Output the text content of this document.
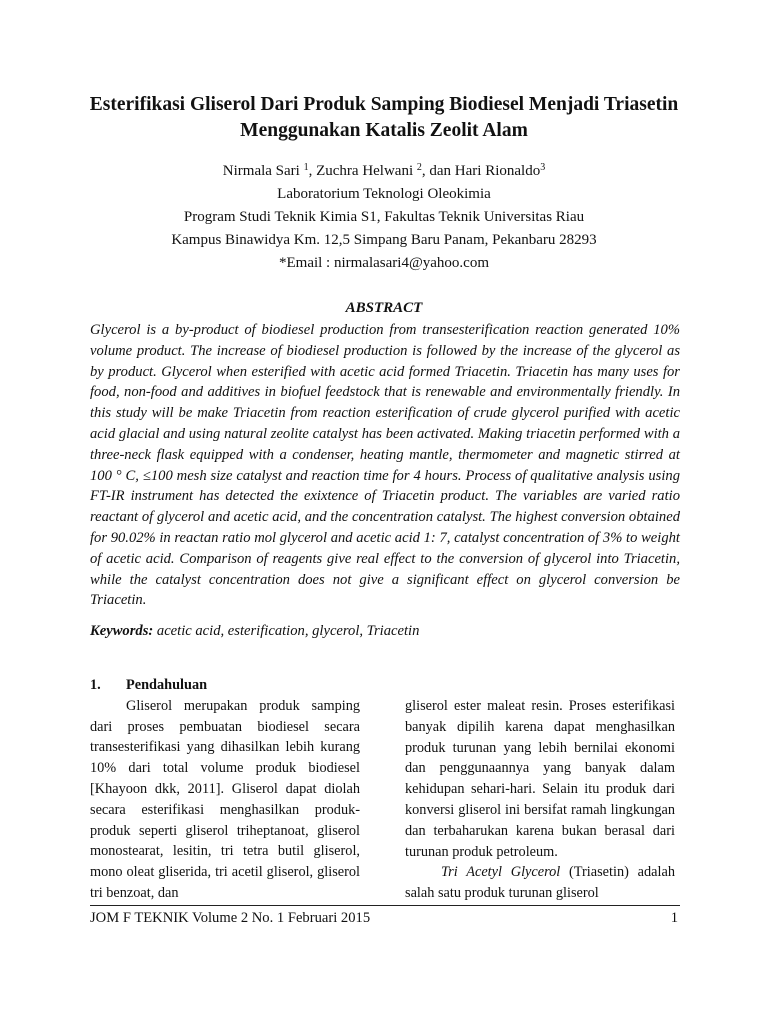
Esterifikasi Gliserol Dari Produk Samping Biodiesel Menjadi Triasetin
Menggunakan Katalis Zeolit Alam
Nirmala Sari $^1$, Zuchra Helwani $^2$, dan Hari Rionaldo$^3$
Laboratorium Teknologi Oleokimia
Program Studi Teknik Kimia S1, Fakultas Teknik Universitas Riau
Kampus Binawidya Km. 12,5 Simpang Baru Panam, Pekanbaru 28293
*Email : nirmalasari4@yahoo.com
ABSTRACT

Glycerol is a by-product of biodiesel production from transesterification reaction generated 10% volume product. The increase of biodiesel production is followed by the increase of the glycerol as by product. Glycerol when esterified with acetic acid formed Triacetin. Triacetin has many uses for food, non-food and additives in biofuel feedstock that is renewable and environmentally friendly. In this study will be make Triacetin from reaction esterification of crude glycerol purified with acetic acid glacial and using natural zeolite catalyst has been activated. Making triacetin performed with a three-neck flask equipped with a condenser, heating mantle, thermometer and magnetic stirred at 100 ° C, ≤100 mesh size catalyst and reaction time for 4 hours. Process of qualitative analysis using FT-IR instrument has detected the exixtence of Triacetin product. The variables are varied ratio reactant of glycerol and acetic acid, and the concentration catalyst. The highest conversion obtained for 90.02% in reactan ratio mol glycerol and acetic acid 1: 7, catalyst concentration of 3% to weight of acetic acid. Comparison of reagents give real effect to the conversion of glycerol into Triacetin, while the catalyst concentration does not give a significant effect on glycerol conversion be Triacetin.

Keywords: acetic acid, esterification, glycerol, Triacetin

1. Pendahuluan

Gliserol merupakan produk samping dari proses pembuatan biodiesel secara transesterifikasi yang dihasilkan lebih kurang 10% dari total volume produk biodiesel [Khayoon dkk, 2011]. Gliserol dapat diolah secara esterifikasi menghasilkan produk-produk seperti gliserol triheptanoat, gliserol monostearat, lesitin, tri tetra butil gliserol, mono oleat gliserida, tri acetil gliserol, gliserol tri benzoat, dan

gliserol ester maleat resin. Proses esterifikasi banyak dipilih karena dapat menghasilkan produk turunan yang lebih bernilai ekonomi dan penggunaannya yang banyak dalam kehidupan sehari-hari. Selain itu produk dari konversi gliserol ini bersifat ramah lingkungan dan terbaharukan karena bukan berasal dari turunan produk petroleum.

Tri Acetyl Glycerol (Triasetin) adalah salah satu produk turunan gliserol

JOM F TEKNIK Volume 2 No. 1 Februari 2015	1
